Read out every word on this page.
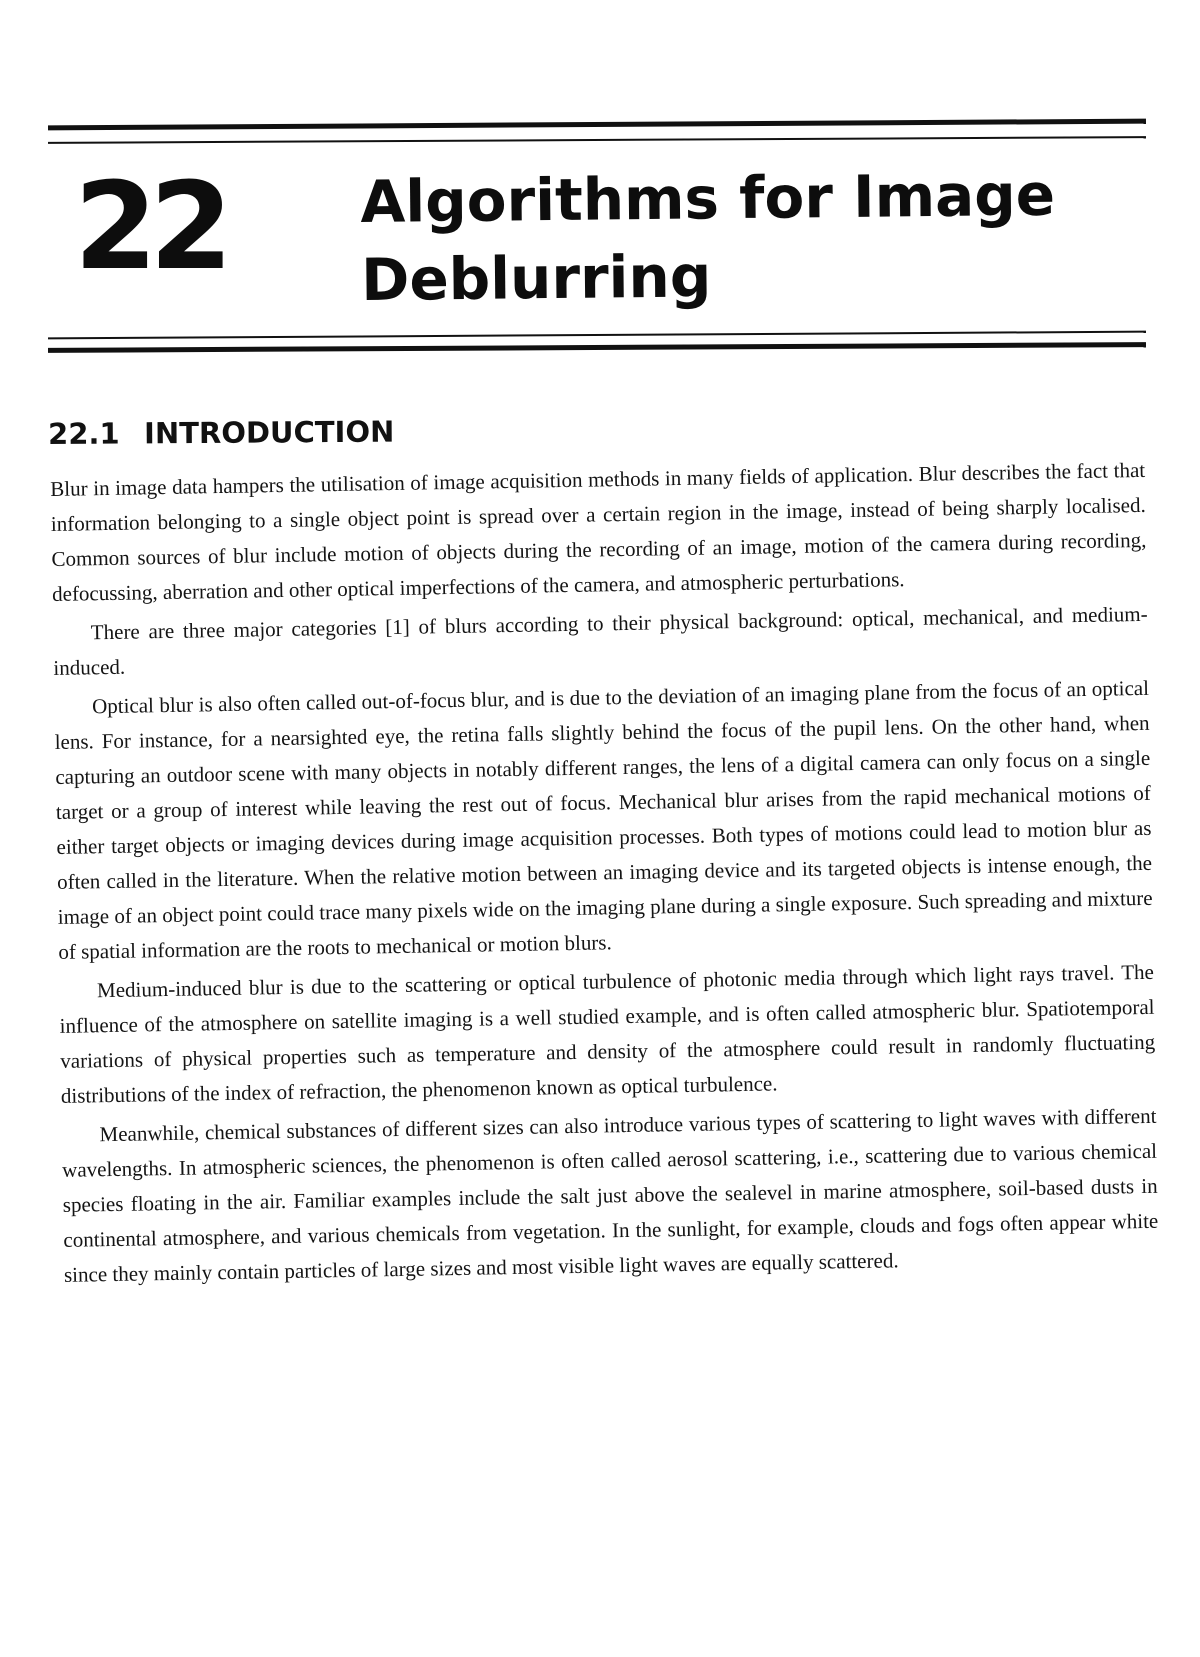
22 Algorithms for Image Deblurring
22.1 INTRODUCTION

Blur in image data hampers the utilisation of image acquisition methods in many fields of application. Blur describes the fact that information belonging to a single object point is spread over a certain region in the image, instead of being sharply localised. Common sources of blur include motion of objects during the recording of an image, motion of the camera during recording, defocussing, aberration and other optical imperfections of the camera, and atmospheric perturbations.

There are three major categories [1] of blurs according to their physical background: optical, mechanical, and medium-induced.

Optical blur is also often called out-of-focus blur, and is due to the deviation of an imaging plane from the focus of an optical lens. For instance, for a nearsighted eye, the retina falls slightly behind the focus of the pupil lens. On the other hand, when capturing an outdoor scene with many objects in notably different ranges, the lens of a digital camera can only focus on a single target or a group of interest while leaving the rest out of focus. Mechanical blur arises from the rapid mechanical motions of either target objects or imaging devices during image acquisition processes. Both types of motions could lead to motion blur as often called in the literature. When the relative motion between an imaging device and its targeted objects is intense enough, the image of an object point could trace many pixels wide on the imaging plane during a single exposure. Such spreading and mixture of spatial information are the roots to mechanical or motion blurs.

Medium-induced blur is due to the scattering or optical turbulence of photonic media through which light rays travel. The influence of the atmosphere on satellite imaging is a well studied example, and is often called atmospheric blur. Spatiotemporal variations of physical properties such as temperature and density of the atmosphere could result in randomly fluctuating distributions of the index of refraction, the phenomenon known as optical turbulence.

Meanwhile, chemical substances of different sizes can also introduce various types of scattering to light waves with different wavelengths. In atmospheric sciences, the phenomenon is often called aerosol scattering, i.e., scattering due to various chemical species floating in the air. Familiar examples include the salt just above the sealevel in marine atmosphere, soil-based dusts in continental atmosphere, and various chemicals from vegetation. In the sunlight, for example, clouds and fogs often appear white since they mainly contain particles of large sizes and most visible light waves are equally scattered.
